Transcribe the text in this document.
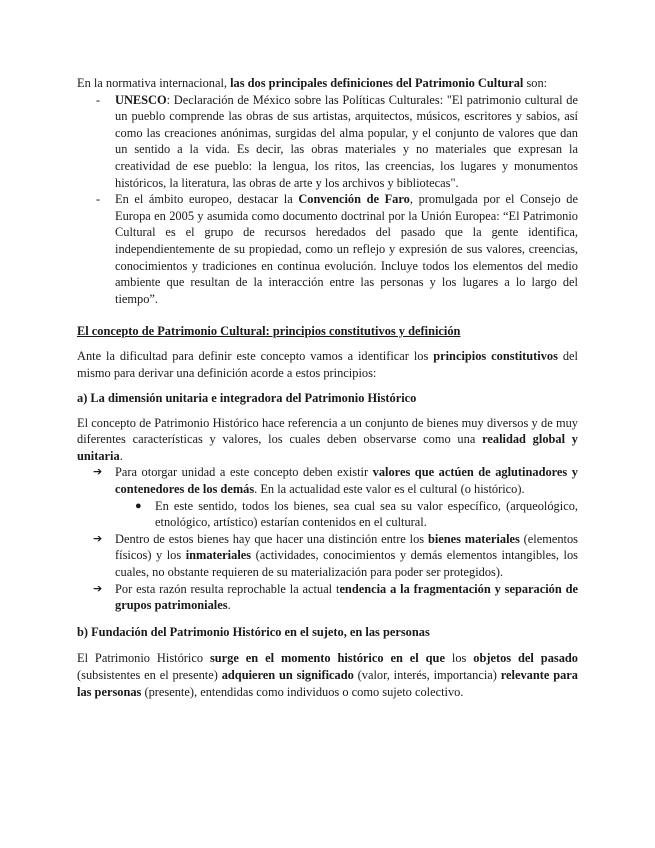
En la normativa internacional, las dos principales definiciones del Patrimonio Cultural son:

- UNESCO: Declaración de México sobre las Políticas Culturales: "El patrimonio cultural de un pueblo comprende las obras de sus artistas, arquitectos, músicos, escritores y sabios, así como las creaciones anónimas, surgidas del alma popular, y el conjunto de valores que dan un sentido a la vida. Es decir, las obras materiales y no materiales que expresan la creatividad de ese pueblo: la lengua, los ritos, las creencias, los lugares y monumentos históricos, la literatura, las obras de arte y los archivos y bibliotecas".
- En el ámbito europeo, destacar la Convención de Faro, promulgada por el Consejo de Europa en 2005 y asumida como documento doctrinal por la Unión Europea: “El Patrimonio Cultural es el grupo de recursos heredados del pasado que la gente identifica, independientemente de su propiedad, como un reflejo y expresión de sus valores, creencias, conocimientos y tradiciones en continua evolución. Incluye todos los elementos del medio ambiente que resultan de la interacción entre las personas y los lugares a lo largo del tiempo”.

El concepto de Patrimonio Cultural: principios constitutivos y definición

Ante la dificultad para definir este concepto vamos a identificar los principios constitutivos del mismo para derivar una definición acorde a estos principios:

a) La dimensión unitaria e integradora del Patrimonio Histórico

El concepto de Patrimonio Histórico hace referencia a un conjunto de bienes muy diversos y de muy diferentes características y valores, los cuales deben observarse como una realidad global y unitaria.

➔ Para otorgar unidad a este concepto deben existir valores que actúen de aglutinadores y contenedores de los demás. En la actualidad este valor es el cultural (o histórico).
● En este sentido, todos los bienes, sea cual sea su valor específico, (arqueológico, etnológico, artístico) estarían contenidos en el cultural.
➔ Dentro de estos bienes hay que hacer una distinción entre los bienes materiales (elementos físicos) y los inmateriales (actividades, conocimientos y demás elementos intangibles, los cuales, no obstante requieren de su materialización para poder ser protegidos).
➔ Por esta razón resulta reprochable la actual tendencia a la fragmentación y separación de grupos patrimoniales.

b) Fundación del Patrimonio Histórico en el sujeto, en las personas

El Patrimonio Histórico surge en el momento histórico en el que los objetos del pasado (subsistentes en el presente) adquieren un significado (valor, interés, importancia) relevante para las personas (presente), entendidas como individuos o como sujeto colectivo.
